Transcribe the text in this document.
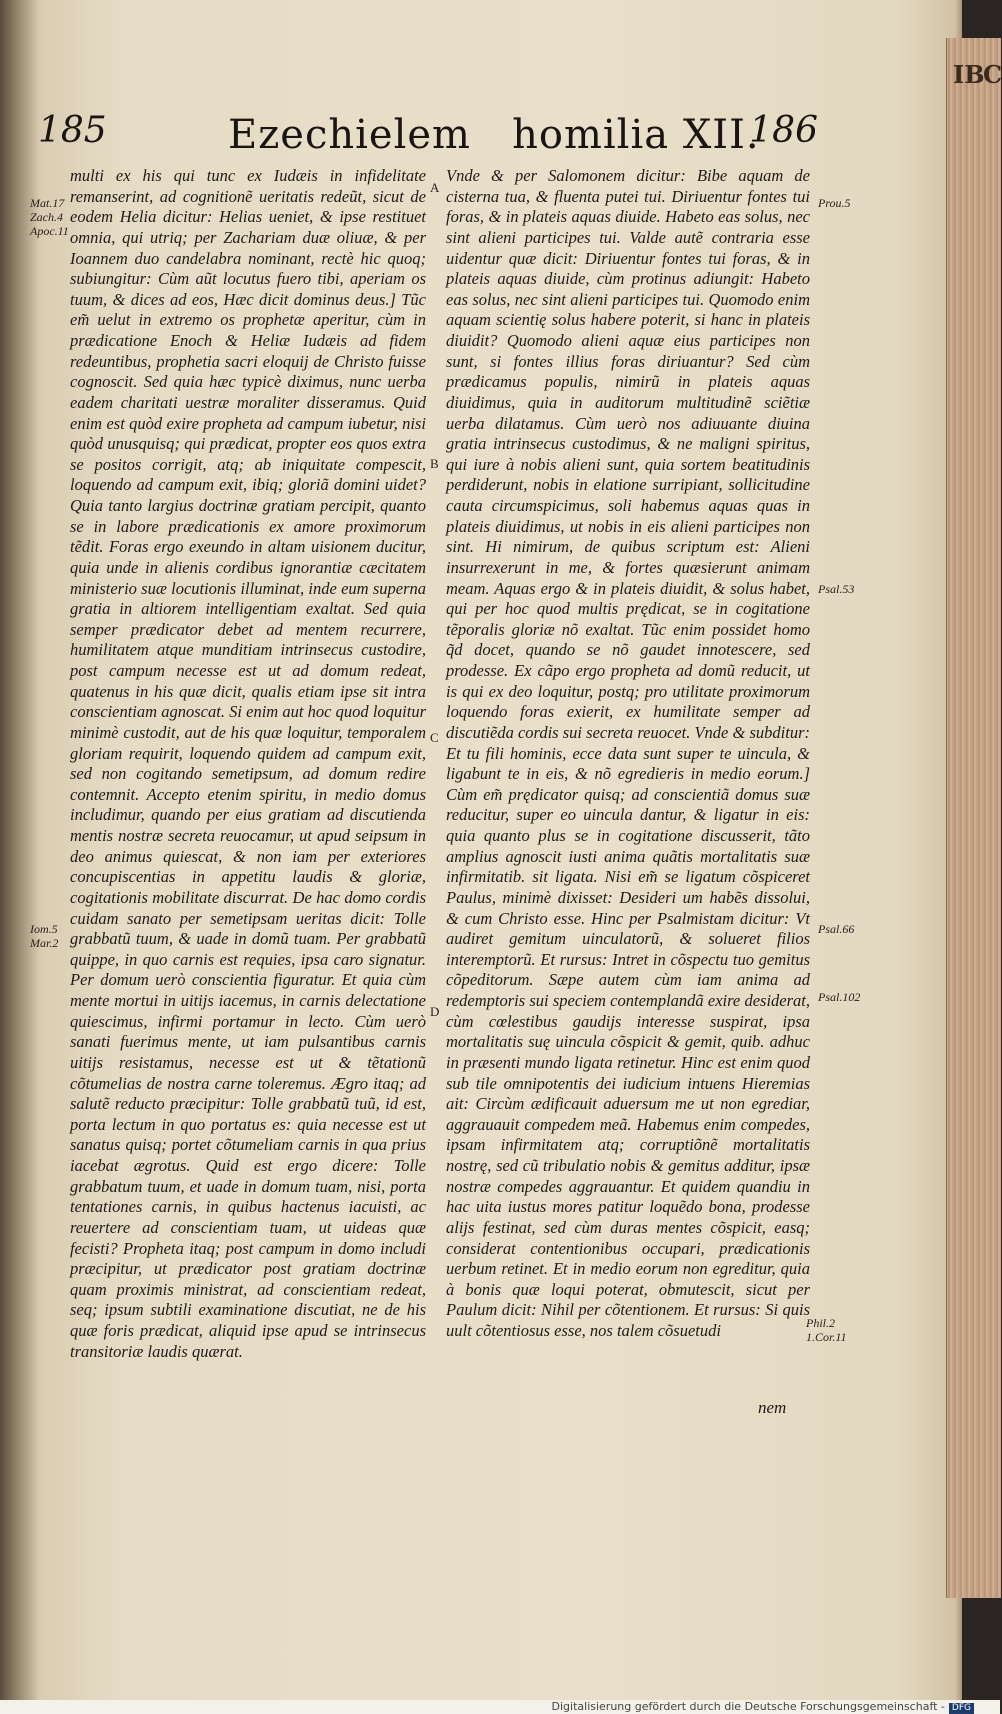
IB
C
185	Ezechielem   homilia XII.
186
Mat.17
Zach.4
Apoc.11
Iom.5
Mar.2
Prou.5
Psal.53
Psal.66
Psal.102
Phil.2
1.Cor.11
A
B
C
D

multi ex his qui tunc ex Iudæis in infidelitate remanserint, ad cognitionẽ ueritatis redeũt, sicut de eodem Helia dicitur: Helias ueniet, & ipse restituet omnia, qui utriq; per Zachariam duæ oliuæ, & per Ioannem duo candelabra nominant, rectè hic quoq; subiungitur: Cùm aũt locutus fuero tibi, aperiam os tuum, & dices ad eos, Hæc dicit dominus deus.] Tũc em̃ uelut in extremo os prophetæ aperitur, cùm in prædicatione Enoch & Heliæ Iudæis ad fidem redeuntibus, prophetia sacri eloquij de Christo fuisse cognoscit. Sed quia hæc typicè diximus, nunc uerba eadem charitati uestræ moraliter disseramus. Quid enim est quòd exire propheta ad campum iubetur, nisi quòd unusquisq; qui prædicat, propter eos quos extra se positos corrigit, atq; ab iniquitate compescit, loquendo ad campum exit, ibiq; gloriã domini uidet? Quia tanto largius doctrinæ gratiam percipit, quanto se in labore prædicationis ex amore proximorum tẽdit. Foras ergo exeundo in altam uisionem ducitur, quia unde in alienis cordibus ignorantiæ cæcitatem ministerio suæ locutionis illuminat, inde eum superna gratia in altiorem intelligentiam exaltat. Sed quia semper prædicator debet ad mentem recurrere, humilitatem atque munditiam intrinsecus custodire, post campum necesse est ut ad domum redeat, quatenus in his quæ dicit, qualis etiam ipse sit intra conscientiam agnoscat. Si enim aut hoc quod loquitur minimè custodit, aut de his quæ loquitur, temporalem gloriam requirit, loquendo quidem ad campum exit, sed non cogitando semetipsum, ad domum redire contemnit. Accepto etenim spiritu, in medio domus includimur, quando per eius gratiam ad discutienda mentis nostræ secreta reuocamur, ut apud seipsum in deo animus quiescat, & non iam per exteriores concupiscentias in appetitu laudis & gloriæ, cogitationis mobilitate discurrat. De hac domo cordis cuidam sanato per semetipsam ueritas dicit: Tolle grabbatũ tuum, & uade in domũ tuam. Per grabbatũ quippe, in quo carnis est requies, ipsa caro signatur. Per domum uerò conscientia figuratur. Et quia cùm mente mortui in uitijs iacemus, in carnis delectatione quiescimus, infirmi portamur in lecto. Cùm uerò sanati fuerimus mente, ut iam pulsantibus carnis uitijs resistamus, necesse est ut & tẽtationũ cõtumelias de nostra carne toleremus. Ægro itaq; ad salutẽ reducto præcipitur: Tolle grabbatũ tuũ, id est, porta lectum in quo portatus es: quia necesse est ut sanatus quisq; portet cõtumeliam carnis in qua prius iacebat ægrotus. Quid est ergo dicere: Tolle grabbatum tuum, et uade in domum tuam, nisi, porta tentationes carnis, in quibus hactenus iacuisti, ac reuertere ad conscientiam tuam, ut uideas quæ fecisti? Propheta itaq; post campum in domo includi præcipitur, ut prædicator post gratiam doctrinæ quam proximis ministrat, ad conscientiam redeat, seq; ipsum subtili examinatione discutiat, ne de his quæ foris prædicat, aliquid ipse apud se intrinsecus transitoriæ laudis quærat.

Vnde & per Salomonem dicitur: Bibe aquam de cisterna tua, & fluenta putei tui. Diriuentur fontes tui foras, & in plateis aquas diuide. Habeto eas solus, nec sint alieni participes tui. Valde autẽ contraria esse uidentur quæ dicit: Diriuentur fontes tui foras, & in plateis aquas diuide, cùm protinus adiungit: Habeto eas solus, nec sint alieni participes tui. Quomodo enim aquam scientię solus habere poterit, si hanc in plateis diuidit? Quomodo alieni aquæ eius participes non sunt, si fontes illius foras diriuantur? Sed cùm prædicamus populis, nimirũ in plateis aquas diuidimus, quia in auditorum multitudinẽ sciẽtiæ uerba dilatamus. Cùm uerò nos adiuuante diuina gratia intrinsecus custodimus, & ne maligni spiritus, qui iure à nobis alieni sunt, quia sortem beatitudinis perdiderunt, nobis in elatione surripiant, sollicitudine cauta circumspicimus, soli habemus aquas quas in plateis diuidimus, ut nobis in eis alieni participes non sint. Hi nimirum, de quibus scriptum est: Alieni insurrexerunt in me, & fortes quæsierunt animam meam. Aquas ergo & in plateis diuidit, & solus habet, qui per hoc quod multis prędicat, se in cogitatione tẽporalis gloriæ nõ exaltat. Tũc enim possidet homo q̃d docet, quando se nõ gaudet innotescere, sed prodesse. Ex cãpo ergo propheta ad domũ reducit, ut is qui ex deo loquitur, postq; pro utilitate proximorum loquendo foras exierit, ex humilitate semper ad discutiẽda cordis sui secreta reuocet. Vnde & subditur: Et tu fili hominis, ecce data sunt super te uincula, & ligabunt te in eis, & nõ egredieris in medio eorum.] Cùm em̃ prędicator quisq; ad conscientiã domus suæ reducitur, super eo uincula dantur, & ligatur in eis: quia quanto plus se in cogitatione discusserit, tãto amplius agnoscit iusti anima quãtis mortalitatis suæ infirmitatib. sit ligata. Nisi em̃ se ligatum cõspiceret Paulus, minimè dixisset: Desideri um habẽs dissolui, & cum Christo esse. Hinc per Psalmistam dicitur: Vt audiret gemitum uinculatorũ, & solueret filios interemptorũ. Et rursus: Intret in cõspectu tuo gemitus cõpeditorum. Sæpe autem cùm iam anima ad redemptoris sui speciem contemplandã exire desiderat, cùm cœlestibus gaudijs interesse suspirat, ipsa mortalitatis suę uincula cõspicit & gemit, quib. adhuc in præsenti mundo ligata retinetur. Hinc est enim quod sub tile omnipotentis dei iudicium intuens Hieremias ait: Circùm ædificauit aduersum me ut non egrediar, aggrauauit compedem meã. Habemus enim compedes, ipsam infirmitatem atq; corruptiõnẽ mortalitatis nostrę, sed cũ tribulatio nobis & gemitus additur, ipsæ nostræ compedes aggrauantur. Et quidem quandiu in hac uita iustus mores patitur loquẽdo bona, prodesse alijs festinat, sed cùm duras mentes cõspicit, easq; considerat contentionibus occupari, prædicationis uerbum retinet. Et in medio eorum non egreditur, quia à bonis quæ loqui poterat, obmutescit, sicut per Paulum dicit: Nihil per cõtentionem. Et rursus: Si quis uult cõtentiosus esse, nos talem cõsuetudi

nem
Digitalisierung gefördert durch die Deutsche Forschungsgemeinschaft - DFG
